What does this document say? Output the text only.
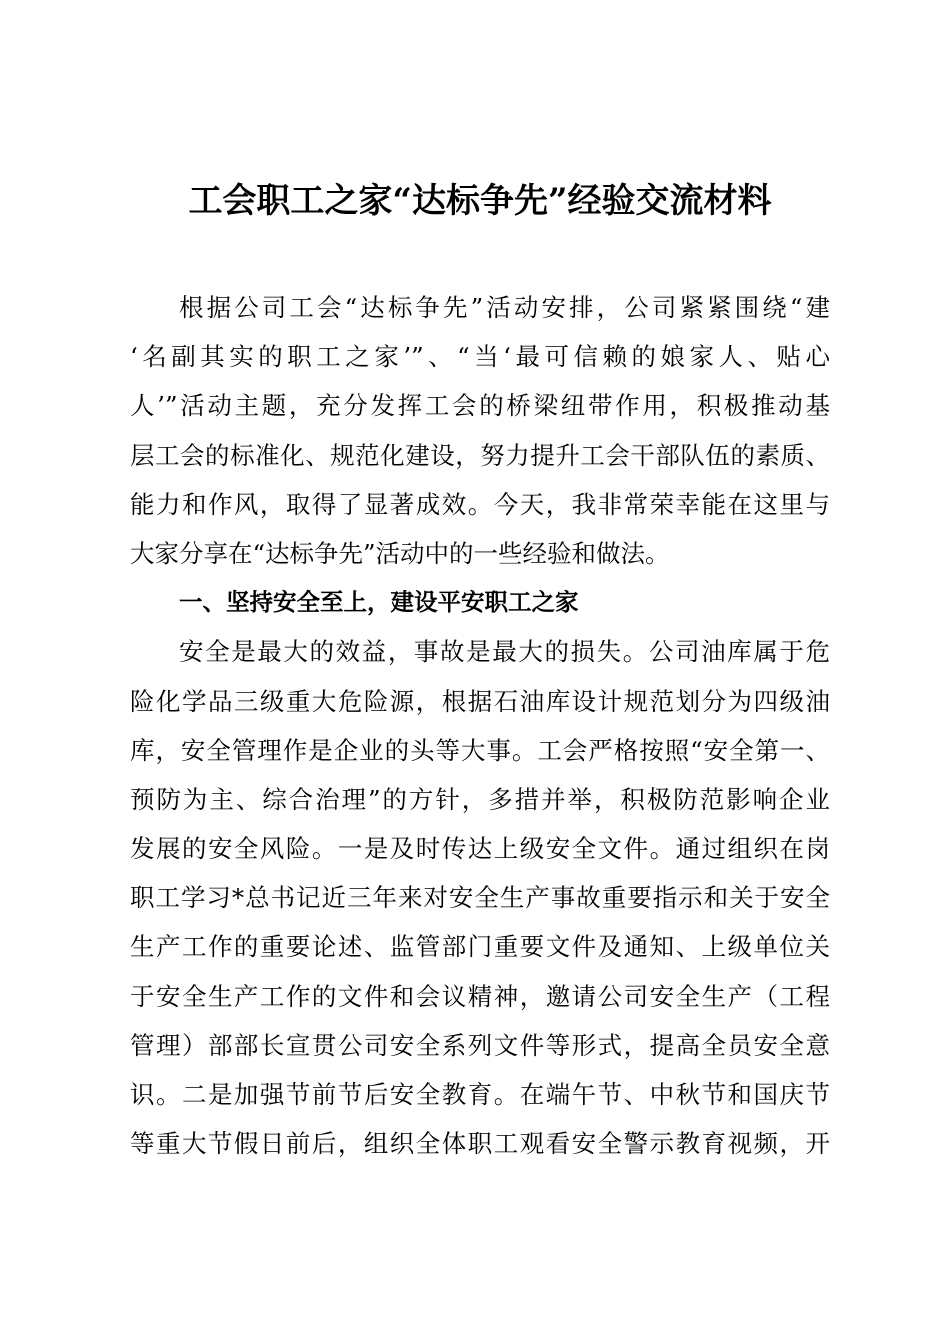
工会职工之家“达标争先”经验交流材料
根据公司工会“达标争先”活动安排，公司紧紧围绕“建
‘名副其实的职工之家’”、“当‘最可信赖的娘家人、贴心
人’”活动主题，充分发挥工会的桥梁纽带作用，积极推动基
层工会的标准化、规范化建设，努力提升工会干部队伍的素质、
能力和作风，取得了显著成效。今天，我非常荣幸能在这里与
大家分享在“达标争先”活动中的一些经验和做法。
一、坚持安全至上，建设平安职工之家
安全是最大的效益，事故是最大的损失。公司油库属于危
险化学品三级重大危险源，根据石油库设计规范划分为四级油
库，安全管理作是企业的头等大事。工会严格按照“安全第一、
预防为主、综合治理”的方针，多措并举，积极防范影响企业
发展的安全风险。一是及时传达上级安全文件。通过组织在岗
职工学习*总书记近三年来对安全生产事故重要指示和关于安全
生产工作的重要论述、监管部门重要文件及通知、上级单位关
于安全生产工作的文件和会议精神，邀请公司安全生产（工程
管理）部部长宣贯公司安全系列文件等形式，提高全员安全意
识。二是加强节前节后安全教育。在端午节、中秋节和国庆节
等重大节假日前后，组织全体职工观看安全警示教育视频，开
